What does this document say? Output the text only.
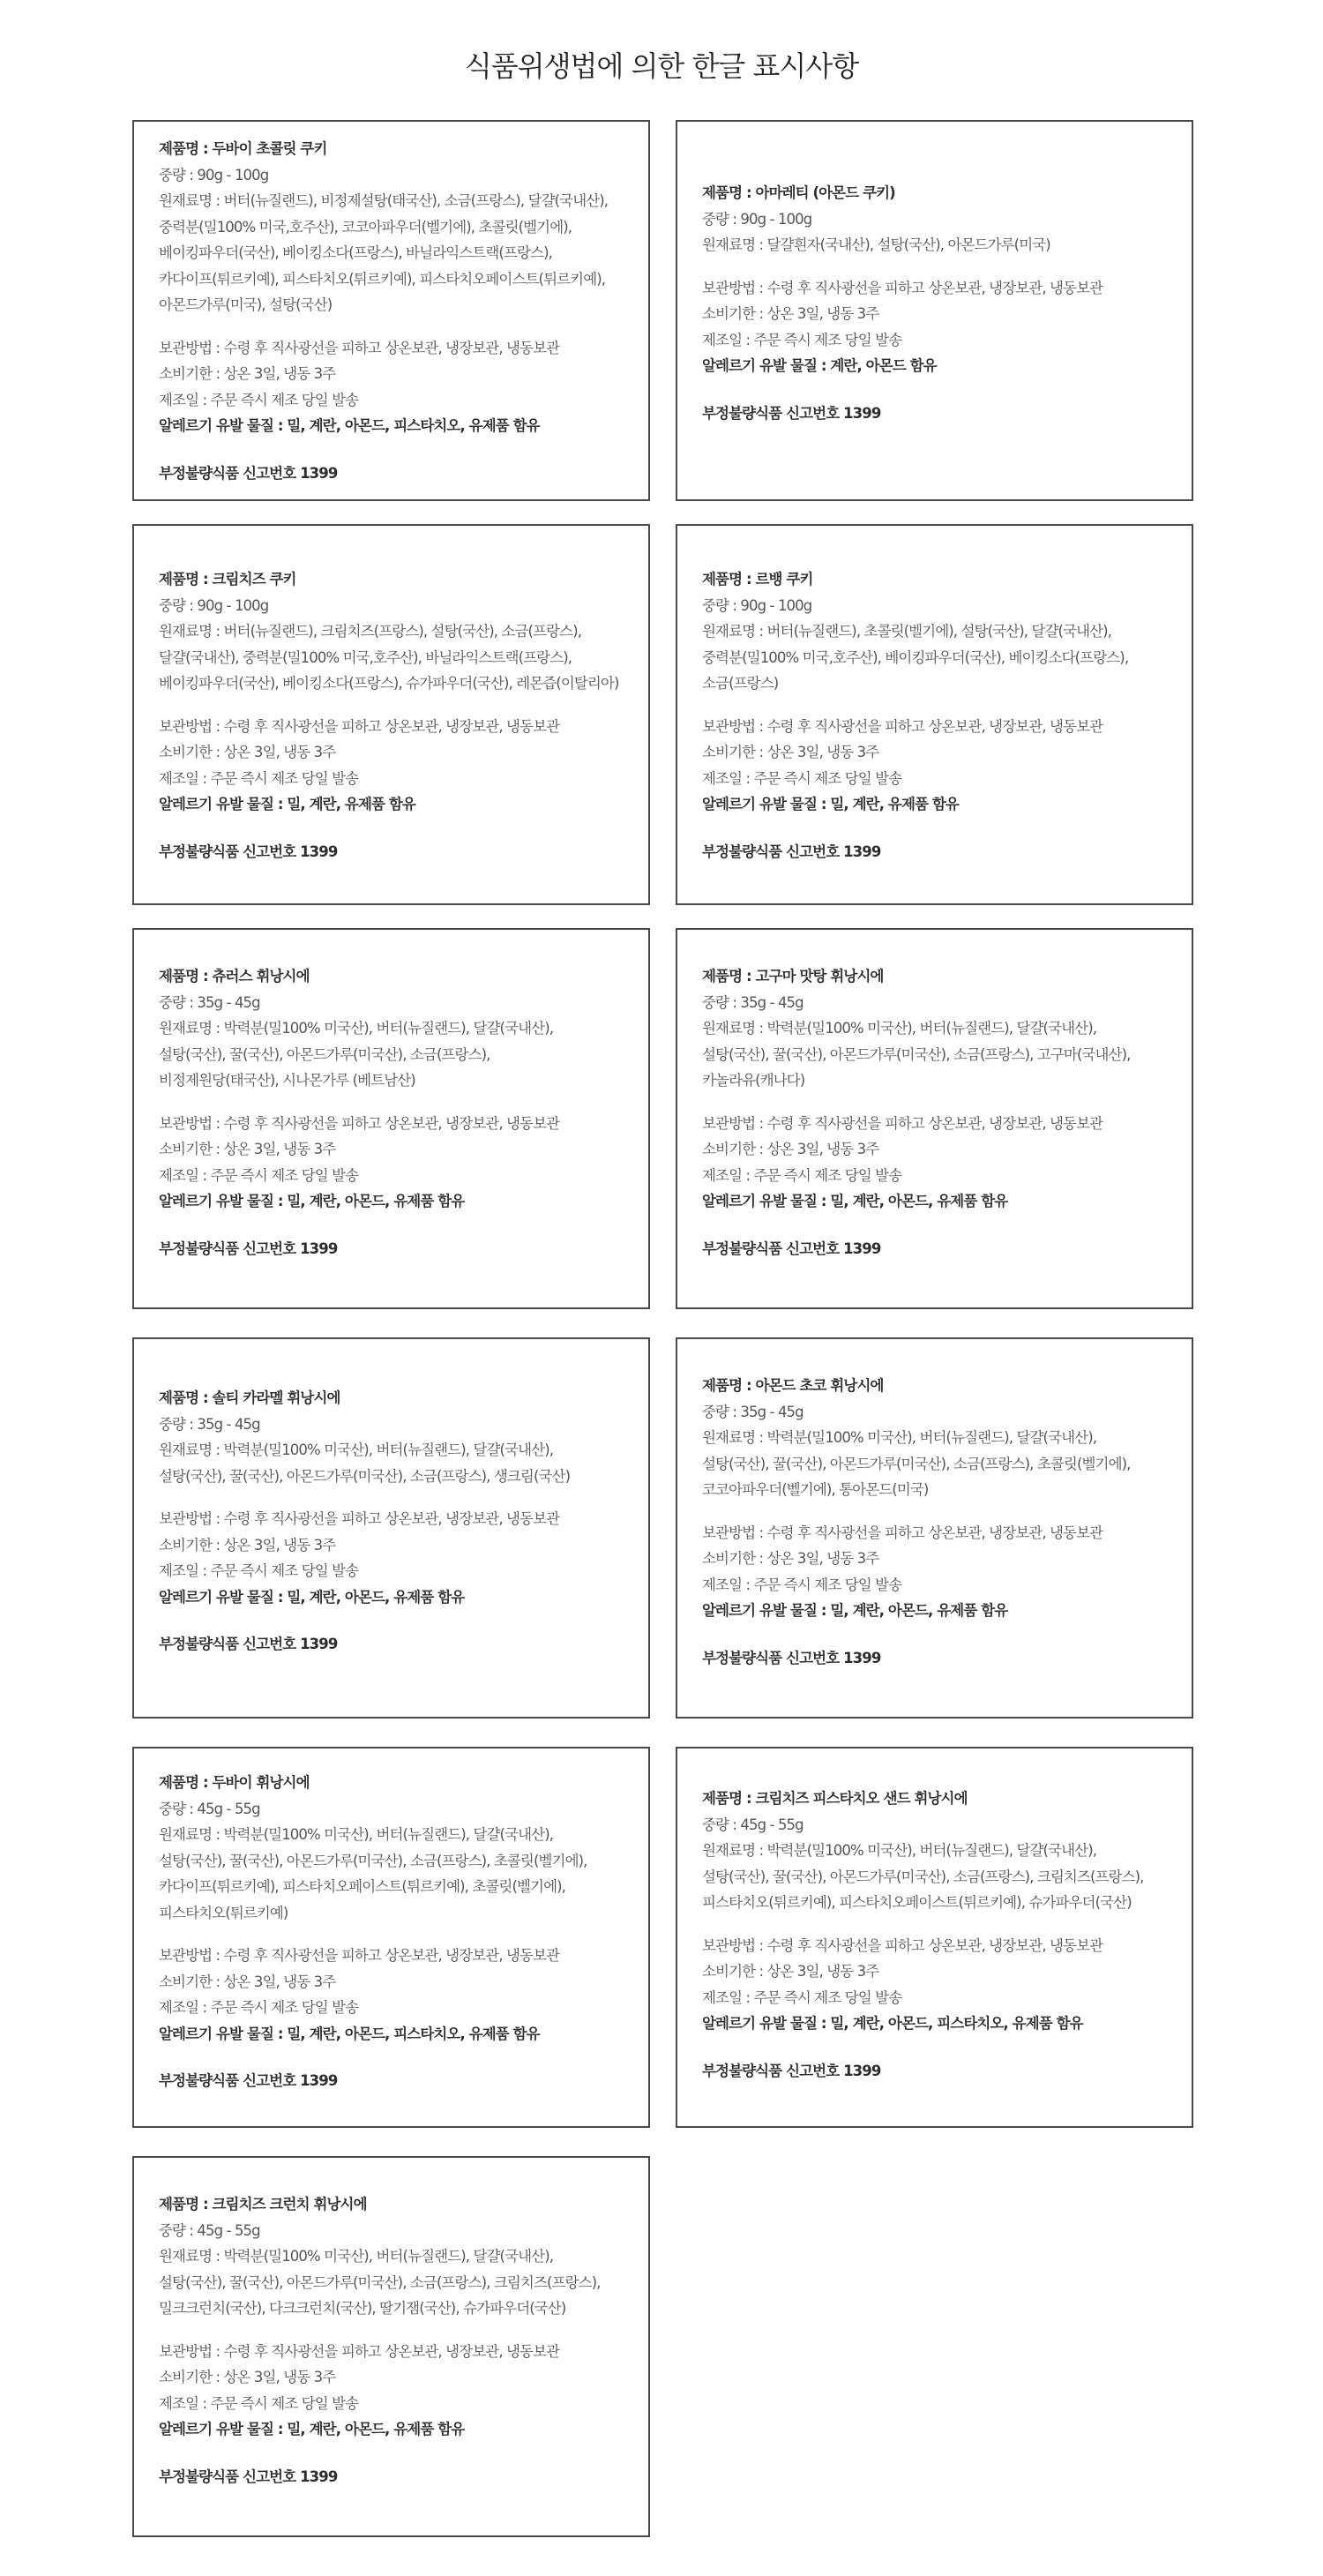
식품위생법에 의한 한글 표시사항
제품명 : 두바이 초콜릿 쿠키
중량 : 90g - 100g
원재료명 : 버터(뉴질랜드), 비정제설탕(태국산), 소금(프랑스), 달걀(국내산),
중력분(밀100% 미국,호주산), 코코아파우더(벨기에), 초콜릿(벨기에),
베이킹파우더(국산), 베이킹소다(프랑스), 바닐라익스트랙(프랑스),
카다이프(튀르키예), 피스타치오(튀르키예), 피스타치오페이스트(튀르키예),
아몬드가루(미국), 설탕(국산)
보관방법 : 수령 후 직사광선을 피하고 상온보관, 냉장보관, 냉동보관
소비기한 : 상온 3일, 냉동 3주
제조일 : 주문 즉시 제조 당일 발송
알레르기 유발 물질 : 밀, 계란, 아몬드, 피스타치오, 유제품 함유
부정불량식품 신고번호 1399
제품명 : 아마레티 (아몬드 쿠키)
중량 : 90g - 100g
원재료명 : 달걀흰자(국내산), 설탕(국산), 아몬드가루(미국)
보관방법 : 수령 후 직사광선을 피하고 상온보관, 냉장보관, 냉동보관
소비기한 : 상온 3일, 냉동 3주
제조일 : 주문 즉시 제조 당일 발송
알레르기 유발 물질 : 계란, 아몬드 함유
부정불량식품 신고번호 1399
제품명 : 크림치즈 쿠키
중량 : 90g - 100g
원재료명 : 버터(뉴질랜드), 크림치즈(프랑스), 설탕(국산), 소금(프랑스),
달걀(국내산), 중력분(밀100% 미국,호주산), 바닐라익스트랙(프랑스),
베이킹파우더(국산), 베이킹소다(프랑스), 슈가파우더(국산), 레몬즙(이탈리아)
보관방법 : 수령 후 직사광선을 피하고 상온보관, 냉장보관, 냉동보관
소비기한 : 상온 3일, 냉동 3주
제조일 : 주문 즉시 제조 당일 발송
알레르기 유발 물질 : 밀, 계란, 유제품 함유
부정불량식품 신고번호 1399
제품명 : 르뱅 쿠키
중량 : 90g - 100g
원재료명 : 버터(뉴질랜드), 초콜릿(벨기에), 설탕(국산), 달걀(국내산),
중력분(밀100% 미국,호주산), 베이킹파우더(국산), 베이킹소다(프랑스),
소금(프랑스)
보관방법 : 수령 후 직사광선을 피하고 상온보관, 냉장보관, 냉동보관
소비기한 : 상온 3일, 냉동 3주
제조일 : 주문 즉시 제조 당일 발송
알레르기 유발 물질 : 밀, 계란, 유제품 함유
부정불량식품 신고번호 1399
제품명 : 츄러스 휘낭시에
중량 : 35g - 45g
원재료명 : 박력분(밀100% 미국산), 버터(뉴질랜드), 달걀(국내산),
설탕(국산), 꿀(국산), 아몬드가루(미국산), 소금(프랑스),
비정제원당(태국산), 시나몬가루 (베트남산)
보관방법 : 수령 후 직사광선을 피하고 상온보관, 냉장보관, 냉동보관
소비기한 : 상온 3일, 냉동 3주
제조일 : 주문 즉시 제조 당일 발송
알레르기 유발 물질 : 밀, 계란, 아몬드, 유제품 함유
부정불량식품 신고번호 1399
제품명 : 고구마 맛탕 휘낭시에
중량 : 35g - 45g
원재료명 : 박력분(밀100% 미국산), 버터(뉴질랜드), 달걀(국내산),
설탕(국산), 꿀(국산), 아몬드가루(미국산), 소금(프랑스), 고구마(국내산),
카놀라유(캐나다)
보관방법 : 수령 후 직사광선을 피하고 상온보관, 냉장보관, 냉동보관
소비기한 : 상온 3일, 냉동 3주
제조일 : 주문 즉시 제조 당일 발송
알레르기 유발 물질 : 밀, 계란, 아몬드, 유제품 함유
부정불량식품 신고번호 1399
제품명 : 솔티 카라멜 휘낭시에
중량 : 35g - 45g
원재료명 : 박력분(밀100% 미국산), 버터(뉴질랜드), 달걀(국내산),
설탕(국산), 꿀(국산), 아몬드가루(미국산), 소금(프랑스), 생크림(국산)
보관방법 : 수령 후 직사광선을 피하고 상온보관, 냉장보관, 냉동보관
소비기한 : 상온 3일, 냉동 3주
제조일 : 주문 즉시 제조 당일 발송
알레르기 유발 물질 : 밀, 계란, 아몬드, 유제품 함유
부정불량식품 신고번호 1399
제품명 : 아몬드 초코 휘낭시에
중량 : 35g - 45g
원재료명 : 박력분(밀100% 미국산), 버터(뉴질랜드), 달걀(국내산),
설탕(국산), 꿀(국산), 아몬드가루(미국산), 소금(프랑스), 초콜릿(벨기에),
코코아파우더(벨기에), 통아몬드(미국)
보관방법 : 수령 후 직사광선을 피하고 상온보관, 냉장보관, 냉동보관
소비기한 : 상온 3일, 냉동 3주
제조일 : 주문 즉시 제조 당일 발송
알레르기 유발 물질 : 밀, 계란, 아몬드, 유제품 함유
부정불량식품 신고번호 1399
제품명 : 두바이 휘낭시에
중량 : 45g - 55g
원재료명 : 박력분(밀100% 미국산), 버터(뉴질랜드), 달걀(국내산),
설탕(국산), 꿀(국산), 아몬드가루(미국산), 소금(프랑스), 초콜릿(벨기에),
카다이프(튀르키예), 피스타치오페이스트(튀르키예), 초콜릿(벨기에),
피스타치오(튀르키예)
보관방법 : 수령 후 직사광선을 피하고 상온보관, 냉장보관, 냉동보관
소비기한 : 상온 3일, 냉동 3주
제조일 : 주문 즉시 제조 당일 발송
알레르기 유발 물질 : 밀, 계란, 아몬드, 피스타치오, 유제품 함유
부정불량식품 신고번호 1399
제품명 : 크림치즈 피스타치오 샌드 휘낭시에
중량 : 45g - 55g
원재료명 : 박력분(밀100% 미국산), 버터(뉴질랜드), 달걀(국내산),
설탕(국산), 꿀(국산), 아몬드가루(미국산), 소금(프랑스), 크림치즈(프랑스),
피스타치오(튀르키예), 피스타치오페이스트(튀르키예), 슈가파우더(국산)
보관방법 : 수령 후 직사광선을 피하고 상온보관, 냉장보관, 냉동보관
소비기한 : 상온 3일, 냉동 3주
제조일 : 주문 즉시 제조 당일 발송
알레르기 유발 물질 : 밀, 계란, 아몬드, 피스타치오, 유제품 함유
부정불량식품 신고번호 1399
제품명 : 크림치즈 크런치 휘낭시에
중량 : 45g - 55g
원재료명 : 박력분(밀100% 미국산), 버터(뉴질랜드), 달걀(국내산),
설탕(국산), 꿀(국산), 아몬드가루(미국산), 소금(프랑스), 크림치즈(프랑스),
밀크크런치(국산), 다크크런치(국산), 딸기잼(국산), 슈가파우더(국산)
보관방법 : 수령 후 직사광선을 피하고 상온보관, 냉장보관, 냉동보관
소비기한 : 상온 3일, 냉동 3주
제조일 : 주문 즉시 제조 당일 발송
알레르기 유발 물질 : 밀, 계란, 아몬드, 유제품 함유
부정불량식품 신고번호 1399
